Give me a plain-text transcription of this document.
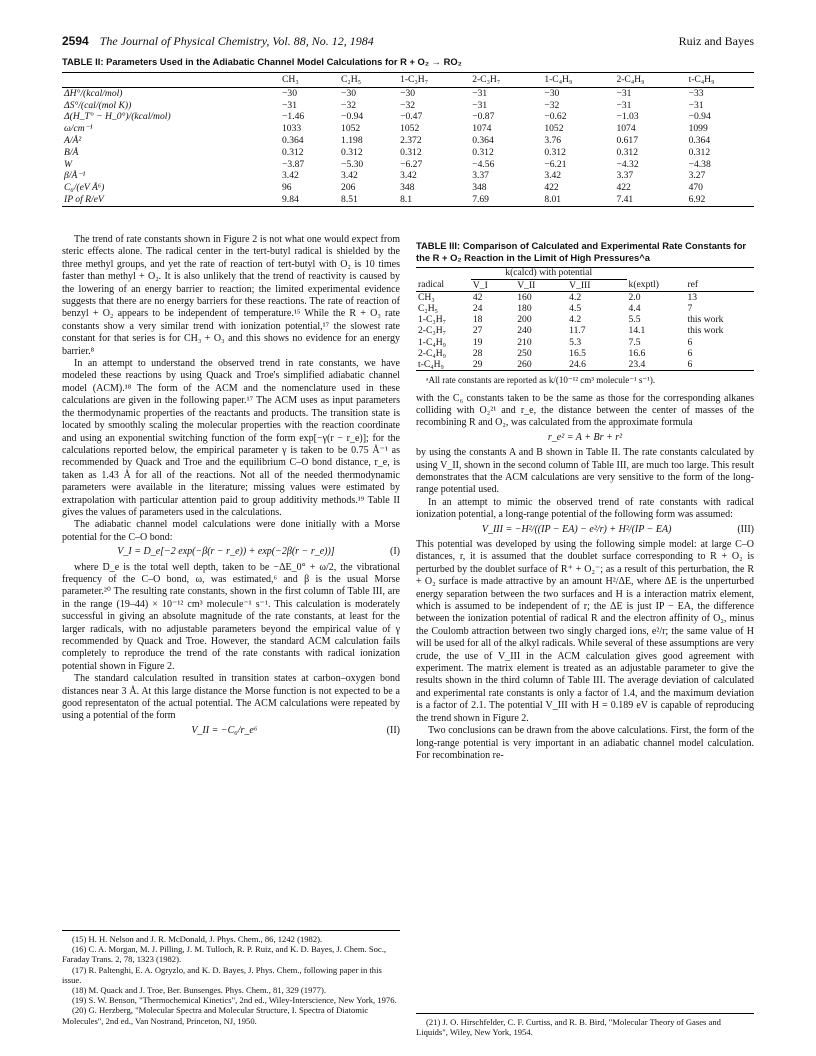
2594 The Journal of Physical Chemistry, Vol. 88, No. 12, 1984	Ruiz and Bayes
TABLE II: Parameters Used in the Adiabatic Channel Model Calculations for R + O₂ → RO₂
	CH₃	C₂H₅	1-C₃H₇	2-C₃H₇	1-C₄H₉	2-C₄H₉	t-C₄H₉
ΔH°/(kcal/mol)	−30	−30	−30	−31	−30	−31	−33
ΔS°/(cal/(mol K))	−31	−32	−32	−31	−32	−31	−31
Δ(H_T° − H_0°)/(kcal/mol)	−1.46	−0.94	−0.47	−0.87	−0.62	−1.03	−0.94
ω/cm⁻¹	1033	1052	1052	1074	1052	1074	1099
A/Å²	0.364	1.198	2.372	0.364	3.76	0.617	0.364
B/Å	0.312	0.312	0.312	0.312	0.312	0.312	0.312
W	−3.87	−5.30	−6.27	−4.56	−6.21	−4.32	−4.38
β/Å⁻¹	3.42	3.42	3.42	3.37	3.42	3.37	3.27
C₆/(eV Å⁶)	96	206	348	348	422	422	470
IP of R/eV	9.84	8.51	8.1	7.69	8.01	7.41	6.92

The trend of rate constants shown in Figure 2 is not what one would expect from steric effects alone. The radical center in the tert-butyl radical is shielded by the three methyl groups, and yet the rate of reaction of tert-butyl with O₂ is 10 times faster than methyl + O₂. It is also unlikely that the trend of reactivity is caused by the lowering of an energy barrier to reaction; the limited experimental evidence suggests that there are no energy barriers for these reactions. The rate of reaction of benzyl + O₂ appears to be independent of temperature.¹⁵ While the R + O₃ rate constants show a very similar trend with ionization potential,¹⁷ the slowest rate constant for that series is for CH₃ + O₃ and this shows no evidence for an energy barrier.⁸

In an attempt to understand the observed trend in rate constants, we have modeled these reactions by using Quack and Troe's simplified adiabatic channel model (ACM).¹⁸ The form of the ACM and the nomenclature used in these calculations are given in the following paper.¹⁷ The ACM uses as input parameters the thermodynamic properties of the reactants and products. The transition state is located by smoothly scaling the molecular properties with the reaction coordinate and using an exponential switching function of the form exp[−γ(r − r_e)]; for the calculations reported below, the empirical parameter γ is taken to be 0.75 Å⁻¹ as recommended by Quack and Troe and the equilibrium C–O bond distance, r_e, is taken as 1.43 Å for all of the reactions. Not all of the needed thermodynamic parameters were available in the literature; missing values were estimated by extrapolation with particular attention paid to group additivity methods.¹⁹ Table II gives the values of parameters used in the calculations.

The adiabatic channel model calculations were done initially with a Morse potential for the C–O bond:

V_I = D_e[−2 exp(−β(r − r_e)) + exp(−2β(r − r_e))]	(I)

where D_e is the total well depth, taken to be −ΔE_0° + ω/2, the vibrational frequency of the C–O bond, ω, was estimated,⁶ and β is the usual Morse parameter.²⁰ The resulting rate constants, shown in the first column of Table III, are in the range (19–44) × 10⁻¹² cm³ molecule⁻¹ s⁻¹. This calculation is moderately successful in giving an absolute magnitude of the rate constants, at least for the larger radicals, with no adjustable parameters beyond the empirical value of γ recommended by Quack and Troe. However, the standard ACM calculation fails completely to reproduce the trend of the rate constants with radical ionization potential shown in Figure 2.

The standard calculation resulted in transition states at carbon–oxygen bond distances near 3 Å. At this large distance the Morse function is not expected to be a good representaton of the actual potential. The ACM calculations were repeated by using a potential of the form

V_II = −C₆/r_e⁶	(II)
TABLE III: Comparison of Calculated and Experimental Rate Constants for the R + O₂ Reaction in the Limit of High Pressures^a
	k(calcd) with potential				
radical	V_I	V_II	V_III	k(exptl)	ref
CH₃	42	160	4.2	2.0	13
C₂H₅	24	180	4.5	4.4	7
1-C₃H₇	18	200	4.2	5.5	this work
2-C₃H₇	27	240	11.7	14.1	this work
1-C₄H₉	19	210	5.3	7.5	6
2-C₄H₉	28	250	16.5	16.6	6
t-C₄H₉	29	260	24.6	23.4	6
ᵃAll rate constants are reported as k/(10⁻¹² cm³ molecule⁻¹ s⁻¹).

with the C₆ constants taken to be the same as those for the corresponding alkanes colliding with O₂²¹ and r_e, the distance between the center of masses of the recombining R and O₂, was calculated from the approximate formula

r_e² = A + Br + r²

by using the constants A and B shown in Table II. The rate constants calculated by using V_II, shown in the second column of Table III, are much too large. This result demonstrates that the ACM calculations are very sensitive to the form of the long-range potential used.

In an attempt to mimic the observed trend of rate constants with radical ionization potential, a long-range potential of the following form was assumed:

V_III = −H²/((IP − EA) − e²/r) + H²/(IP − EA)	(III)

This potential was developed by using the following simple model: at large C–O distances, r, it is assumed that the doublet surface corresponding to R + O₂ is perturbed by the doublet surface of R⁺ + O₂⁻; as a result of this perturbation, the R + O₂ surface is made attractive by an amount H²/ΔE, where ΔE is the unperturbed energy separation between the two surfaces and H is a interaction matrix element, which is assumed to be independent of r; the ΔE is just IP − EA, the difference between the ionization potential of radical R and the electron affinity of O₂, minus the Coulomb attraction between two singly charged ions, e²/r; the same value of H will be used for all of the alkyl radicals. While several of these assumptions are very crude, the use of V_III in the ACM calculation gives good agreement with experiment. The matrix element is treated as an adjustable parameter to give the results shown in the third column of Table III. The average deviation of calculated and experimental rate constants is only a factor of 1.4, and the maximum deviation is a factor of 2.1. The potential V_III with H = 0.189 eV is capable of reproducing the trend shown in Figure 2.

Two conclusions can be drawn from the above calculations. First, the form of the long-range potential is very important in an adiabatic channel model calculation. For recombination re-

(15) H. H. Nelson and J. R. McDonald, J. Phys. Chem., 86, 1242 (1982).

(16) C. A. Morgan, M. J. Pilling, J. M. Tulloch, R. P. Ruiz, and K. D. Bayes, J. Chem. Soc., Faraday Trans. 2, 78, 1323 (1982).

(17) R. Paltenghi, E. A. Ogryzlo, and K. D. Bayes, J. Phys. Chem., following paper in this issue.

(18) M. Quack and J. Troe, Ber. Bunsenges. Phys. Chem., 81, 329 (1977).

(19) S. W. Benson, "Thermochemical Kinetics", 2nd ed., Wiley-Interscience, New York, 1976.

(20) G. Herzberg, "Molecular Spectra and Molecular Structure, I. Spectra of Diatomic Molecules", 2nd ed., Van Nostrand, Princeton, NJ, 1950.	(21) J. O. Hirschfelder, C. F. Curtiss, and R. B. Bird, "Molecular Theory of Gases and Liquids", Wiley, New York, 1954.
